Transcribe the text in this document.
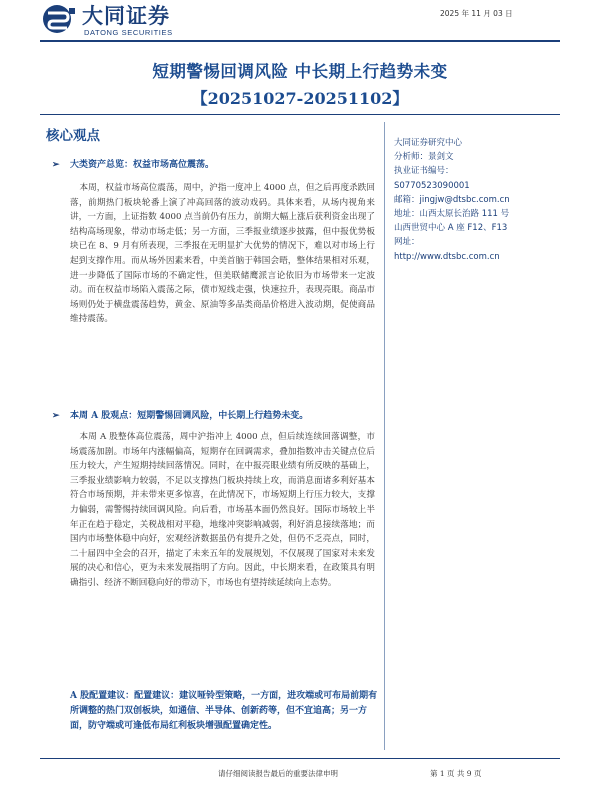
大同证券
DATONG SECURITIES
2025 年 11 月 03 日
短期警惕回调风险 中长期上行趋势未变
【20251027-20251102】
核心观点	大同证券研究中心
分析师：景剑文
执业证书编号：
S0770523090001
邮箱：jingjw@dtsbc.com.cn
地址：山西太原长治路 111 号
山西世贸中心 A 座 F12、F13
网址：
http://www.dtsbc.com.cn
➢ 大类资产总览：权益市场高位震荡。

本周，权益市场高位震荡，周中，沪指一度冲上 4000 点，但之后再度杀跌回落，前期热门板块轮番上演了冲高回落的波动戏码。具体来看，从场内视角来讲，一方面，上证指数 4000 点当前仍有压力，前期大幅上涨后获利资金出现了结构高场现象，带动市场走低；另一方面，三季报业绩逐步披露，但中报优势板块已在 8、9 月有所表现，三季报在无明显扩大优势的情况下，难以对市场上行起到支撑作用。而从场外因素来看，中美首脑于韩国会晤，整体结果相对乐观，进一步降低了国际市场的不确定性，但美联储鹰派言论依旧为市场带来一定波动。而在权益市场陷入震荡之际，债市短线走强，快速拉升，表现亮眼。商品市场则仍处于横盘震荡趋势，黄金、原油等多品类商品价格进入波动期，促使商品维持震荡。

➢ 本周 A 股观点：短期警惕回调风险，中长期上行趋势未变。

本周 A 股整体高位震荡，周中沪指冲上 4000 点，但后续连续回落调整，市场震荡加剧。市场年内涨幅偏高，短期存在回调需求，叠加指数冲击关键点位后压力较大，产生短期持续回落情况。同时，在中报亮眼业绩有所反映的基础上，三季报业绩影响力较弱，不足以支撑热门板块持续上攻，而消息面诸多利好基本符合市场预期，并未带来更多惊喜，在此情况下，市场短期上行压力较大，支撑力偏弱，需警惕持续回调风险。向后看，市场基本面仍然良好。国际市场较上半年正在趋于稳定，关税战相对平稳，地缘冲突影响减弱，利好消息接续落地；而国内市场整体稳中向好，宏观经济数据虽仍有提升之处，但仍不乏亮点，同时，二十届四中全会的召开，描定了未来五年的发展规划，不仅展现了国家对未来发展的决心和信心，更为未来发展指明了方向。因此，中长期来看，在政策具有明确指引、经济不断回稳向好的带动下，市场也有望持续延续向上态势。

A 股配置建议：配置建议：建议哑铃型策略，一方面，进攻端或可布局前期有所调整的热门双创板块，如通信、半导体、创新药等，但不宜追高；另一方面，防守端或可逢低布局红利板块增强配置确定性。

请仔细阅读报告最后的重要法律申明	第 1 页 共 9 页
